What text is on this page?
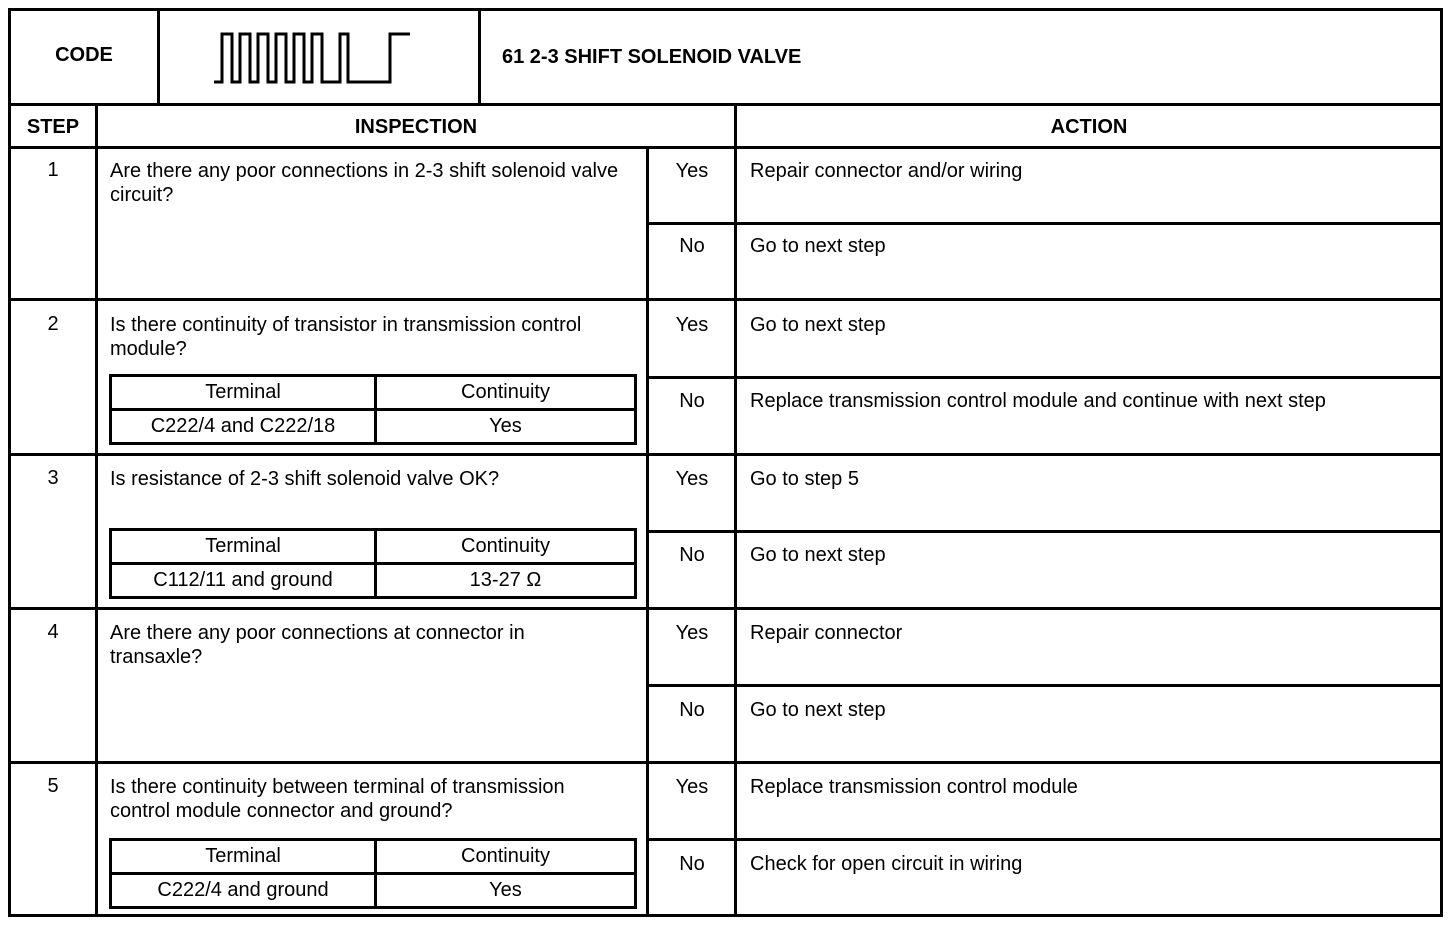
CODE	61 2-3 SHIFT SOLENOID VALVE
STEP	INSPECTION	ACTION
1	Are there any poor connections in 2-3 shift solenoid valve circuit?
Yes	Repair connector and/or wiring
No	Go to next step
2	Is there continuity of transistor in transmission control module?
Terminal	Continuity
C222/4 and C222/18	Yes
Yes	Go to next step
No	Replace transmission control module and continue with next step
3	Is resistance of 2-3 shift solenoid valve OK?
Terminal	Continuity
C112/11 and ground	13-27 Ω
Yes	Go to step 5
No	Go to next step
4	Are there any poor connections at connector in transaxle?
Yes	Repair connector
No	Go to next step
5	Is there continuity between terminal of transmission control module connector and ground?
Terminal	Continuity
C222/4 and ground	Yes
Yes	Replace transmission control module
No	Check for open circuit in wiring
